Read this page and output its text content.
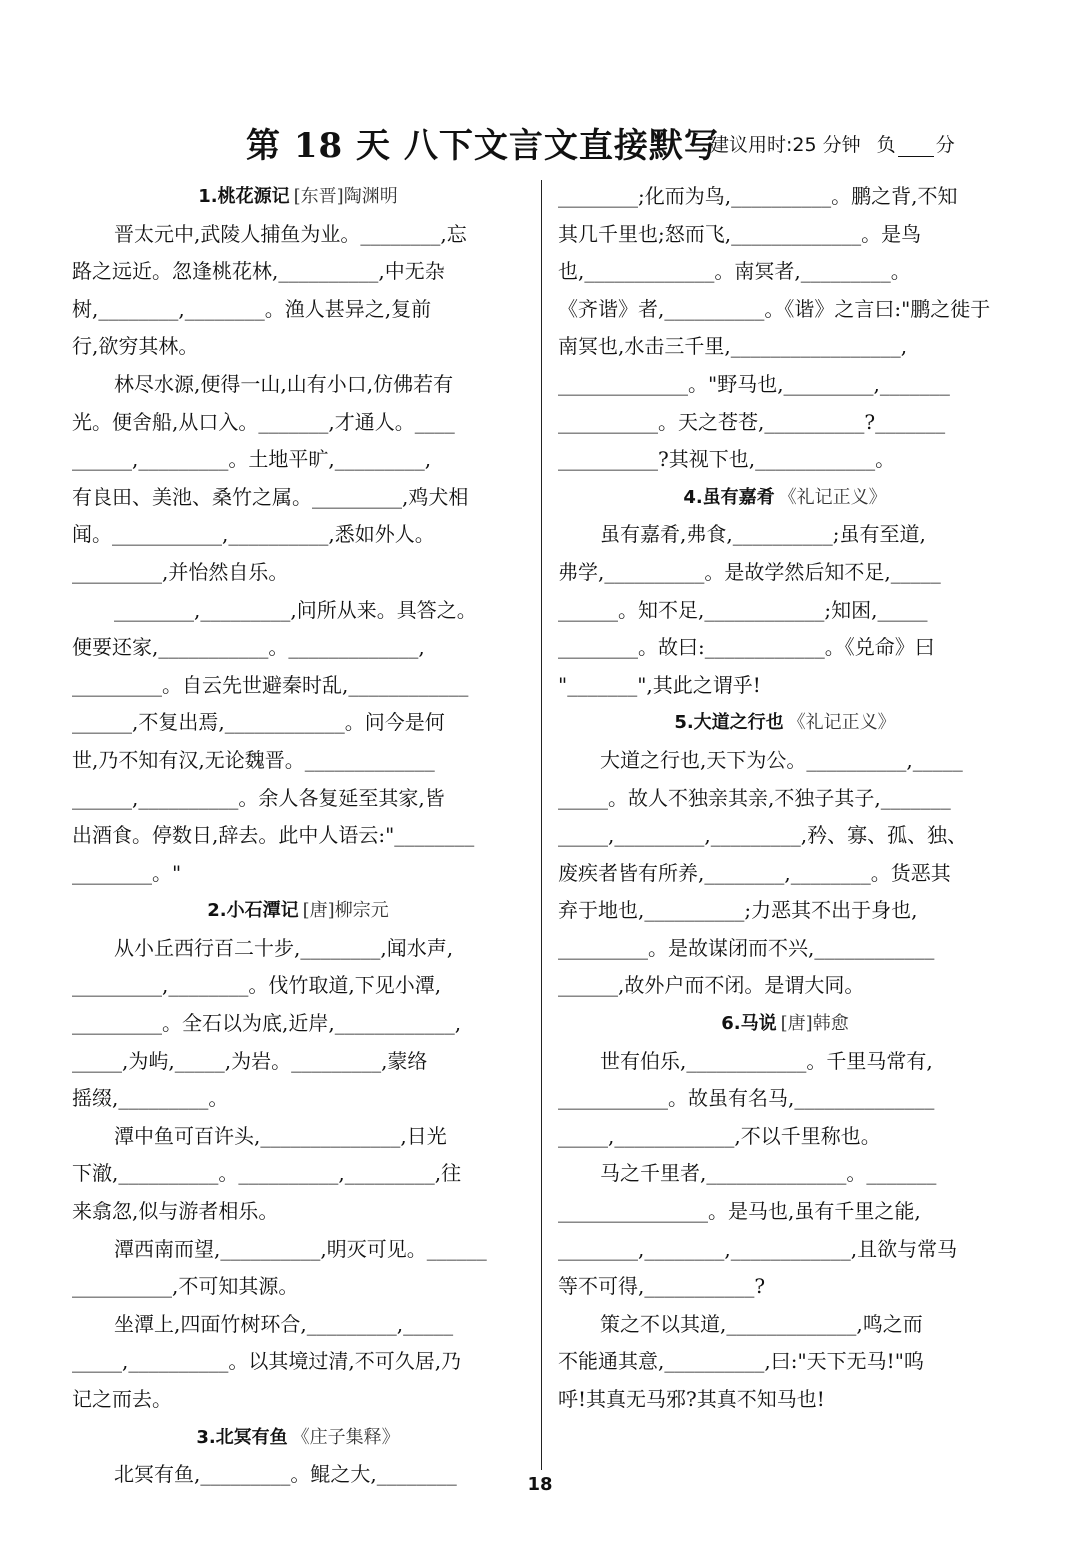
第 18 天 八下文言文直接默写
建议用时:25 分钟 负 分
1.桃花源记 [东晋]陶渊明
晋太元中,武陵人捕鱼为业。________,忘
路之远近。忽逢桃花林,__________,中无杂
树,________,________。渔人甚异之,复前
行,欲穷其林。
林尽水源,便得一山,山有小口,仿佛若有
光。便舍船,从口入。_______,才通人。____
______,_________。土地平旷,_________,
有良田、美池、桑竹之属。_________,鸡犬相
闻。___________,__________,悉如外人。
_________,并怡然自乐。
________,_________,问所从来。具答之。
便要还家,___________。_____________,
_________。自云先世避秦时乱,____________
______,不复出焉,____________。问今是何
世,乃不知有汉,无论魏晋。_____________
______,__________。余人各复延至其家,皆
出酒食。停数日,辞去。此中人语云:"________
________。"
2.小石潭记 [唐]柳宗元
从小丘西行百二十步,________,闻水声,
_________,________。伐竹取道,下见小潭,
_________。全石以为底,近岸,____________,
_____,为屿,_____,为岩。_________,蒙络
摇缀,_________。
潭中鱼可百许头,______________,日光
下澈,__________。__________,_________,往
来翕忽,似与游者相乐。
潭西南而望,__________,明灭可见。______
__________,不可知其源。
坐潭上,四面竹树环合,_________,_____
_____,__________。以其境过清,不可久居,乃
记之而去。
3.北冥有鱼 《庄子集释》
北冥有鱼,_________。鲲之大,________
________;化而为鸟,__________。鹏之背,不知
其几千里也;怒而飞,_____________。是鸟
也,_____________。南冥者,_________。
《齐谐》者,__________。《谐》之言曰:"鹏之徙于
南冥也,水击三千里,_________________,
_____________。"野马也,_________,_______
__________。天之苍苍,__________?_______
__________?其视下也,____________。
4.虽有嘉肴 《礼记正义》
虽有嘉肴,弗食,__________;虽有至道,
弗学,__________。是故学然后知不足,_____
______。知不足,____________;知困,_____
________。故曰:____________。《兑命》曰
"_______",其此之谓乎!
5.大道之行也 《礼记正义》
大道之行也,天下为公。__________,_____
_____。故人不独亲其亲,不独子其子,_______
_____,_________,_________,矜、寡、孤、独、
废疾者皆有所养,________,________。货恶其
弃于地也,__________;力恶其不出于身也,
_________。是故谋闭而不兴,____________
______,故外户而不闭。是谓大同。
6.马说 [唐]韩愈
世有伯乐,____________。千里马常有,
___________。故虽有名马,______________
_____,____________,不以千里称也。
马之千里者,______________。_______
_______________。是马也,虽有千里之能,
________,________,____________,且欲与常马
等不可得,___________?
策之不以其道,_____________,鸣之而
不能通其意,__________,曰:"天下无马!"呜
呼!其真无马邪?其真不知马也!
18
